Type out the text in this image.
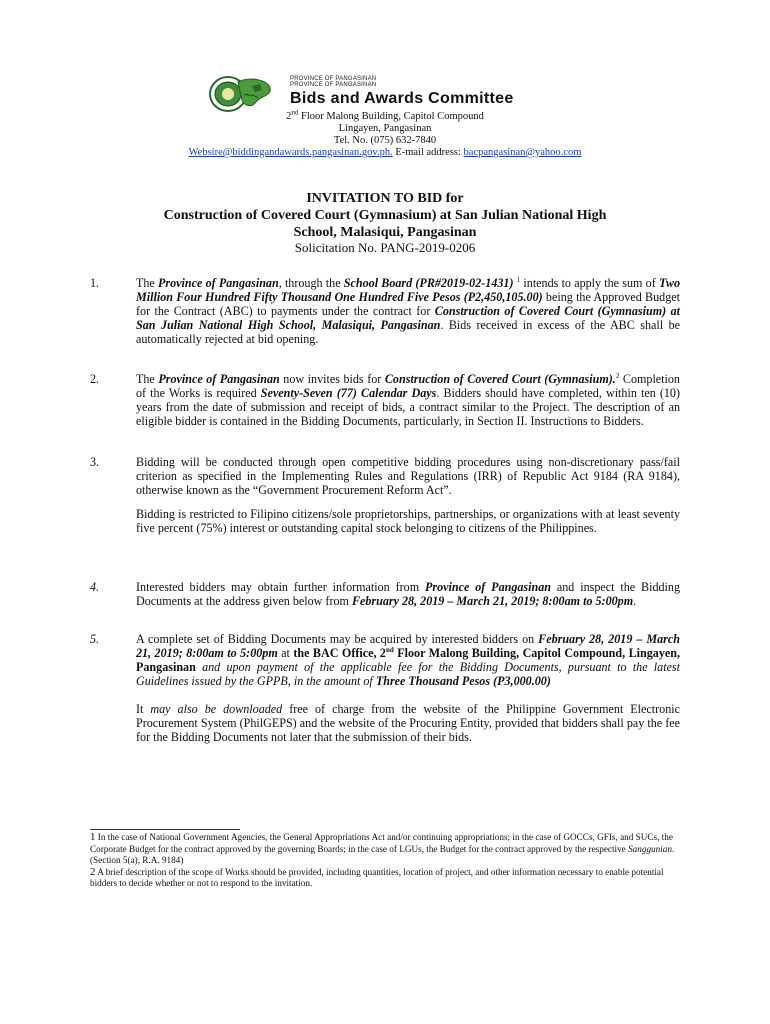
PROVINCE OF PANGASINAN
PROVINCE OF PANGASINAN
Bids and Awards Committee
2nd Floor Malong Building, Capitol Compound
Lingayen, Pangasinan
Tel. No. (075) 632-7840
Websire@biddingandawards.pangasinan.gov.ph. E-mail address: bacpangasinan@yahoo.com
INVITATION TO BID for
Construction of Covered Court (Gymnasium) at San Julian National High
School, Malasiqui, Pangasinan
Solicitation No. PANG-2019-0206
1.	The Province of Pangasinan, through the School Board (PR#2019-02-1431) $^1$ intends to apply the sum of Two Million Four Hundred Fifty Thousand One Hundred Five Pesos (P2,450,105.00) being the Approved Budget for the Contract (ABC) to payments under the contract for Construction of Covered Court (Gymnasium) at San Julian National High School, Malasiqui, Pangasinan. Bids received in excess of the ABC shall be automatically rejected at bid opening.

2.	The Province of Pangasinan now invites bids for Construction of Covered Court (Gymnasium).$^2$ Completion of the Works is required Seventy-Seven (77) Calendar Days. Bidders should have completed, within ten (10) years from the date of submission and receipt of bids, a contract similar to the Project. The description of an eligible bidder is contained in the Bidding Documents, particularly, in Section II. Instructions to Bidders.

3.	Bidding will be conducted through open competitive bidding procedures using non-discretionary pass/fail criterion as specified in the Implementing Rules and Regulations (IRR) of Republic Act 9184 (RA 9184), otherwise known as the “Government Procurement Reform Act”.

Bidding is restricted to Filipino citizens/sole proprietorships, partnerships, or organizations with at least seventy five percent (75%) interest or outstanding capital stock belonging to citizens of the Philippines.

4.	Interested bidders may obtain further information from Province of Pangasinan and inspect the Bidding Documents at the address given below from February 28, 2019 – March 21, 2019; 8:00am to 5:00pm.

5.	A complete set of Bidding Documents may be acquired by interested bidders on February 28, 2019 – March 21, 2019; 8:00am to 5:00pm at the BAC Office, 2nd Floor Malong Building, Capitol Compound, Lingayen, Pangasinan and upon payment of the applicable fee for the Bidding Documents, pursuant to the latest Guidelines issued by the GPPB, in the amount of Three Thousand Pesos (P3,000.00)

It may also be downloaded free of charge from the website of the Philippine Government Electronic Procurement System (PhilGEPS) and the website of the Procuring Entity, provided that bidders shall pay the fee for the Bidding Documents not later that the submission of their bids.

1 In the case of National Government Agencies, the General Appropriations Act and/or continuing appropriations; in the case of GOCCs, GFIs, and SUCs, the Corporate Budget for the contract approved by the governing Boards; in the case of LGUs, the Budget for the contract approved by the respective Sanggunian. (Section 5(a), R.A. 9184)

2 A brief description of the scope of Works should be provided, including quantities, location of project, and other information necessary to enable potential bidders to decide whether or not to respond to the invitation.
